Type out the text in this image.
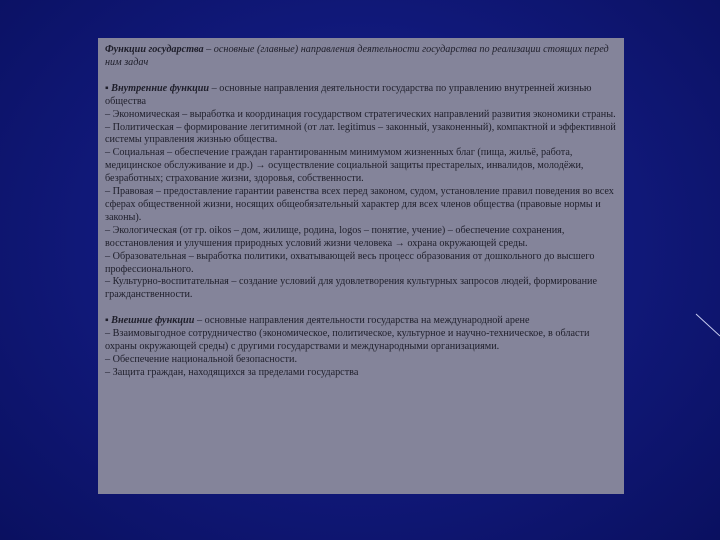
Функции государства – основные (главные) направления деятельности государства по реализации стоящих перед ним задач

▪ Внутренние функции – основные направления деятельности государства по управлению внутренней жизнью общества

– Экономическая – выработка и координация государством стратегических направлений развития экономики страны.

– Политическая – формирование легитимной (от лат. legitimus – законный, узаконенный), компактной и эффективной системы управления жизнью общества.

– Социальная – обеспечение граждан гарантированным минимумом жизненных благ (пища, жильё, работа, медицинское обслуживание и др.) → осуществление социальной защиты престарелых, инвалидов, молодёжи, безработных; страхование жизни, здоровья, собственности.

– Правовая – предоставление гарантии равенства всех перед законом, судом, установление правил поведения во всех сферах общественной жизни, носящих общеобязательный характер для всех членов общества (правовые нормы и законы).

– Экологическая (от гр. oikos – дом, жилище, родина, logos – понятие, учение) – обеспечение сохранения, восстановления и улучшения природных условий жизни человека → охрана окружающей среды.

– Образовательная – выработка политики, охватывающей весь процесс образования от дошкольного до высшего профессионального.

– Культурно-воспитательная – создание условий для удовлетворения культурных запросов людей, формирование гражданственности.

▪ Внешние функции – основные направления деятельности государства на международной арене

– Взаимовыгодное сотрудничество (экономическое, политическое, культурное и научно-техническое, в области охраны окружающей среды) с другими государствами и международными организациями.

– Обеспечение национальной безопасности.

– Защита граждан, находящихся за пределами государства
